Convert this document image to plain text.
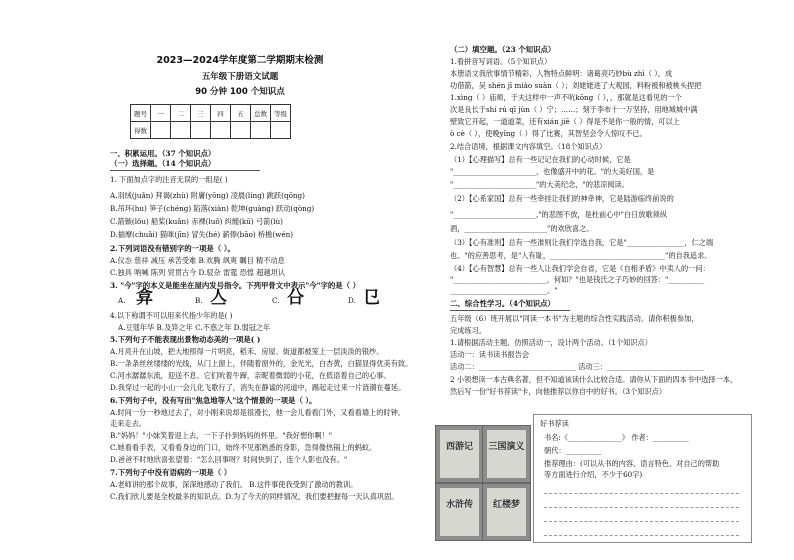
2023—2024学年度第二学期期末检测
五年级下册语文试题
90 分钟 100 个知识点
题号	一	二	三	四	五	总数	等级
得数							
一、积累运用。（37 个知识点）
（一）选择题。（14 个知识点）
1. 下面加点字的注音无误的一组是( )
A.羽绒(juǎn) 拜谒(zhù) 附庸(yōng) 凌晨(líng) 跳跃(qōng)
B.吊环(hu) 笋子(chéng) 陷落(xiàn) 乾坤(guàng) 跃动(qòng)
C.箭镞(lǒu) 船桨(kuǎn) 赤裸(luǒ) 纠缠(kū) 弓箭(lù)
D.揣摩(chuǎi) 猫咪(jīn) 冒失(hé) 薪俸(bāo) 桥檐(wén)
2.下列词语没有错别字的一项是（ ）。
A.仪态 慈祥 减压 承苦受难 B.欢腾 飒爽 瞩目 精不动息
C.独具 呐喊 陈列 贸贯古今 D.驳杂 雷霆 恐惶 超越坦认
3. "今"字的本义是能坐在屋内发号指令。下列甲骨文中表示"今"字的是（ ）
A. 弇	B. 亼	C. 㕣	D. 㔾
4.以下称谓不可以用来代指少年的是( )
A.豆蔻年华 B.及笄之年 C.不惑之年 D.弱冠之年
5.下列句子不能表现出景物动态美的一项是( )
A.月亮升在山坡，把大地照得一片明亮，稻禾、房屋、街道都被笼上一层淡淡的银纱。
B.一条条丝丝缕缕的光线，从门上窗上，伴随着窗外的，金光光，白杏黄，白猫显得优美有致。
C.河水潺潺东流，迎送不息。它们吮着牛蹄，亲昵着微弱的小花，在低语着自己的心事。
D.我穿过一起的小山一会儿化飞歌行了，消失在静谧的河道中，踢起走过来一片涟漪在蔓延。
6.下列句子中，没有写出"焦急地等人"这个情景的一项是（ ）。
A.时间一分一秒地过去了，对小刚来说却是很漫长，他一会儿看看门外，又看看墙上的时钟。
走来走去。
B."妈妈！"小妹笑着迎上去，一下子扑到妈妈的怀里。"我好想你啊！"
C.她看看手表，又看看身边的门口，始终不见那熟悉的身影，急得像热锅上的蚂蚁。
D.爸爸不时地欣喜张望着："怎么回事呀？时间快到了，连个人影也没有。"
7.下列句子中没有语病的一项是（ ）
A.老师讲的那个故事，深深地感动了我们。 B.这件事使我受到了激动的教训。
C.我们欣儿要是全校最多的知识点。D.为了今天的同样情况，我们要把握每一天认真巩固。
（二）填空题。（23 个知识点）
1.看拼音写词语。（5个知识点）
本册语文我欣事情节精彩，人物特点鲜明：诸葛亮巧妙bù zhì（ ），成
功借箭，吴 shén jī miào suàn（ ）；刘姥姥进了大观园，料粉被和被桃头捏把
1.xìng（ ）庙师，于夫这样中一声不吭kōng（ ），，那就是这看见的一个
次是良长于shí rú qī jùn（ ）宁；……；刻于李布十一万坚持，用地城城中满
壁致它开起，一道道菜，还有xián jiē（ ）得是不是你一般的情，可以上
ò cè（ ），使晚yǐng（ ）得了比赛，其智坚会令人惊叹不已。
2.结合语境，根据课文内容填空。（18个知识点）
（1）【心理描写】总有一些记记在我们的心动时候，它是
"_______________________，也像盛开中的花。"的大美好国，是
"_______________________"的大美纪念，"的悲凉阅读。
（2）【心系家国】总有一些牵挂让我们的神牵神，它是陆游临终前说的
"_______________________,"的悲图不放，是杜前心中"白日放歌须纵
酒，_______________________"的欢欣喜之。
（3）【心有准则】总有一些准则让我们学选自我，它是"________________，仁之端
也。"的应善思考，是"人有耻，________________________________"的自我追求。
（4）【心有智慧】总有一些人让我们学会自省，它是《自相矛盾》中卖人的一问：
"__________________________，何如？"也是钱氏之子巧妙的回答："__________
___________________________。"
二、综合性学习。（4个知识点）
五年级（6）班开展以"同读一本书"为主题的综合性实践活动。请你积极参加，
完成练习。
1.请根据活动主题，仿照活动一，设计两个活动。（1个知识点）
活动一：读书读书报告会
活动二：___________________________ 活动三：___________________________
2 小领想读一本古典名著，但不知道该读什么比较合适。请你从下面的四本书中选择一本，
然后写一份"好书荐读"卡，向他推荐以你自中的好书。（3个知识点）
西游记	三国演义
水浒传	红楼梦
好书荐读
书名:《_______________》 作者：__________
朝代：__________
推荐理由：(可以从书的内容、语言特色、对自己的帮助
等方面进行介绍，不少于60字)
